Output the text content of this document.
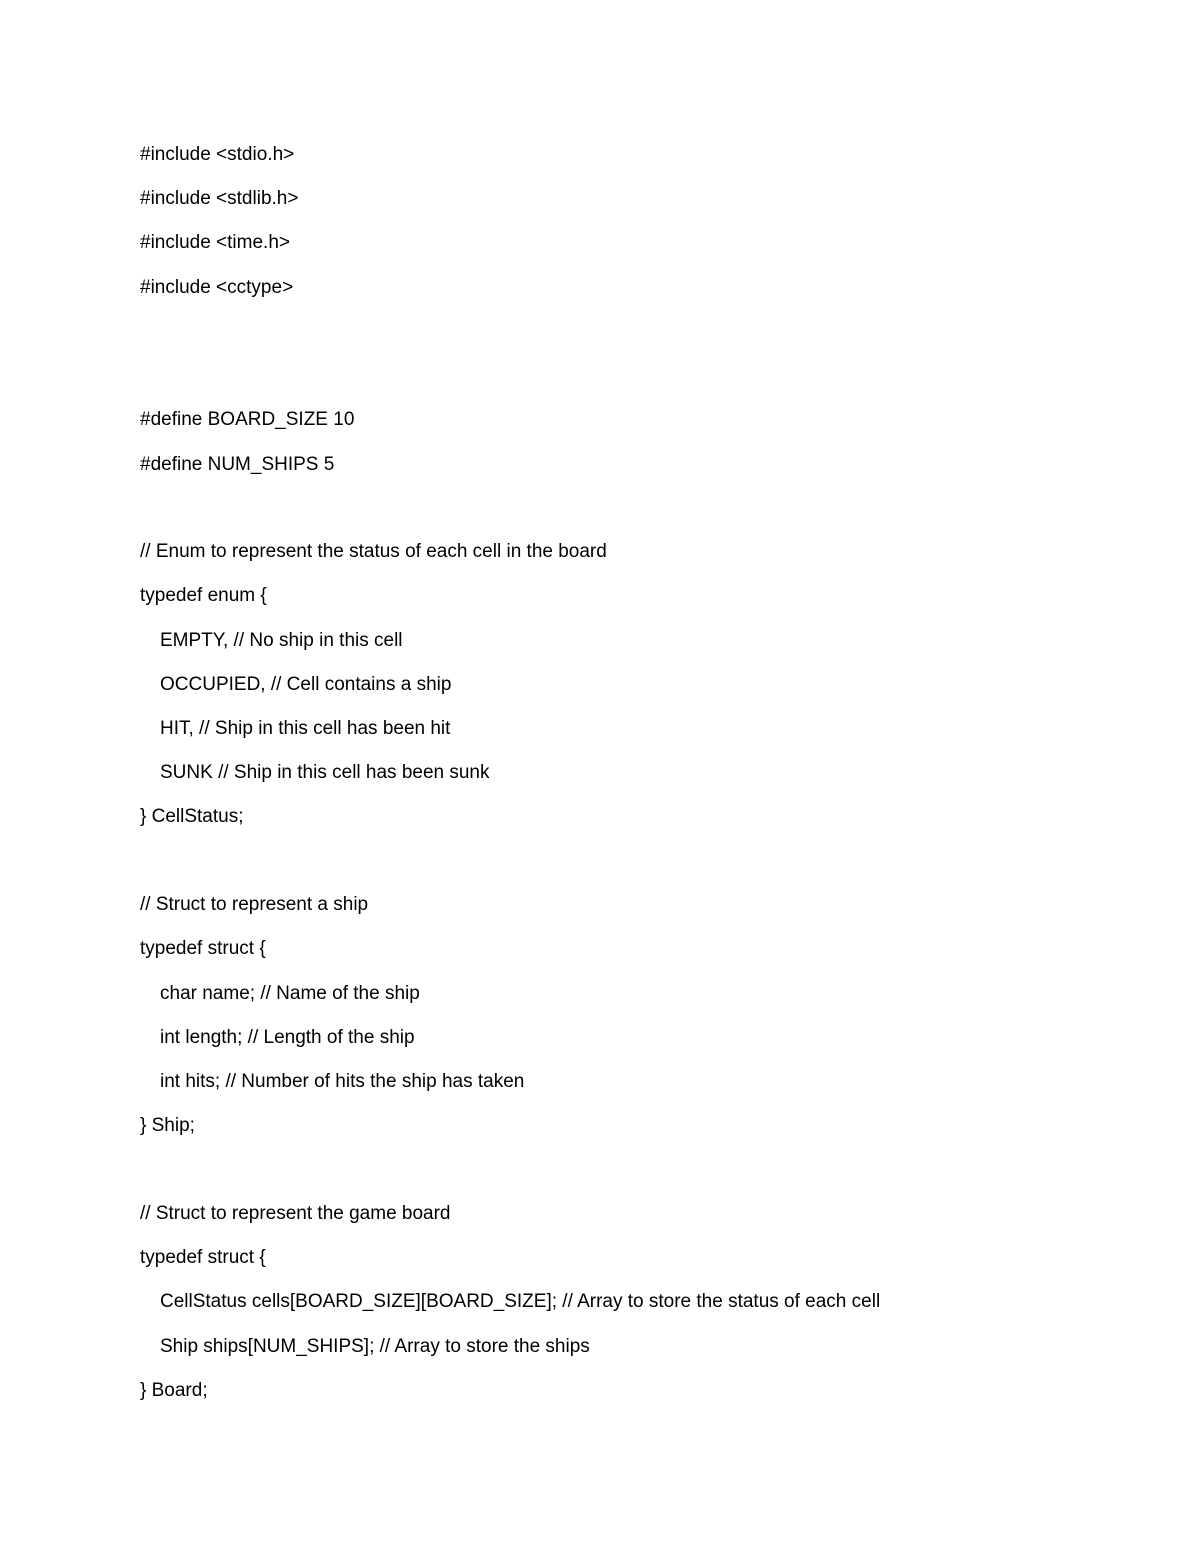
#include <stdio.h>
#include <stdlib.h>
#include <time.h>
#include <cctype>
#define BOARD_SIZE 10
#define NUM_SHIPS 5
// Enum to represent the status of each cell in the board
typedef enum {
EMPTY, // No ship in this cell
OCCUPIED, // Cell contains a ship
HIT, // Ship in this cell has been hit
SUNK // Ship in this cell has been sunk
} CellStatus;
// Struct to represent a ship
typedef struct {
char name; // Name of the ship
int length; // Length of the ship
int hits; // Number of hits the ship has taken
} Ship;
// Struct to represent the game board
typedef struct {
CellStatus cells[BOARD_SIZE][BOARD_SIZE]; // Array to store the status of each cell
Ship ships[NUM_SHIPS]; // Array to store the ships
} Board;
